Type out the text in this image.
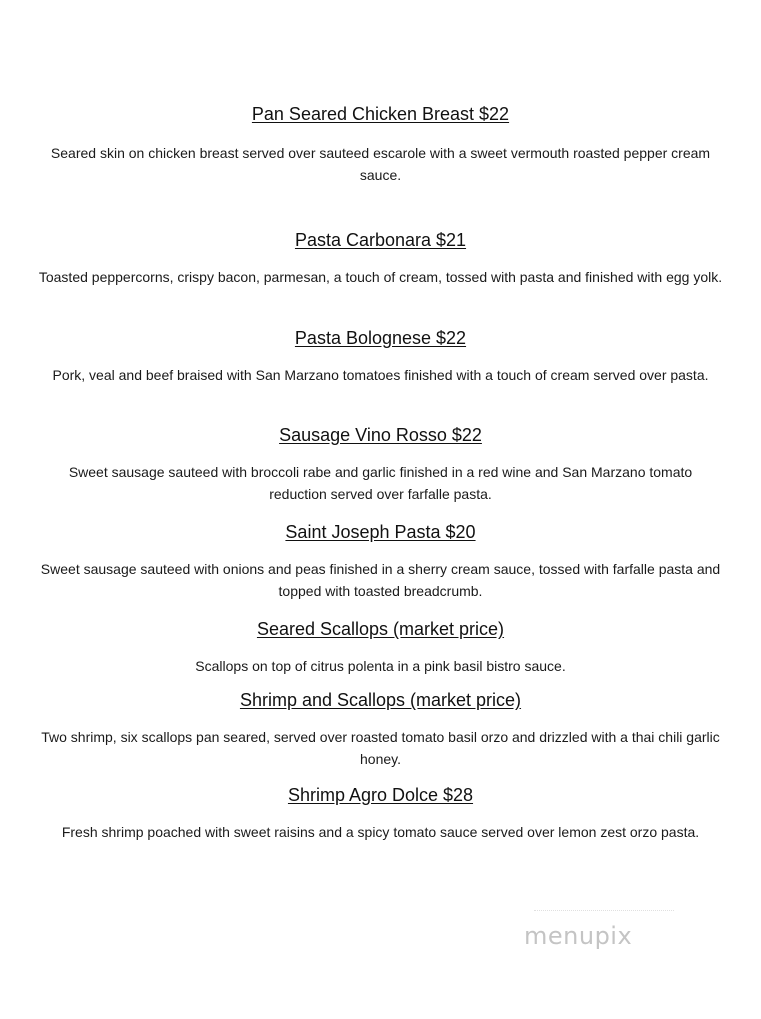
Pan Seared Chicken Breast $22

Seared skin on chicken breast served over sauteed escarole with a sweet vermouth roasted pepper cream sauce.

Pasta Carbonara $21

Toasted peppercorns, crispy bacon, parmesan, a touch of cream, tossed with pasta and finished with egg yolk.

Pasta Bolognese $22

Pork, veal and beef braised with San Marzano tomatoes finished with a touch of cream served over pasta.

Sausage Vino Rosso $22

Sweet sausage sauteed with broccoli rabe and garlic finished in a red wine and San Marzano tomato reduction served over farfalle pasta.

Saint Joseph Pasta $20

Sweet sausage sauteed with onions and peas finished in a sherry cream sauce, tossed with farfalle pasta and topped with toasted breadcrumb.

Seared Scallops (market price)

Scallops on top of citrus polenta in a pink basil bistro sauce.

Shrimp and Scallops (market price)

Two shrimp, six scallops pan seared, served over roasted tomato basil orzo and drizzled with a thai chili garlic honey.

Shrimp Agro Dolce $28

Fresh shrimp poached with sweet raisins and a spicy tomato sauce served over lemon zest orzo pasta.

menupix
